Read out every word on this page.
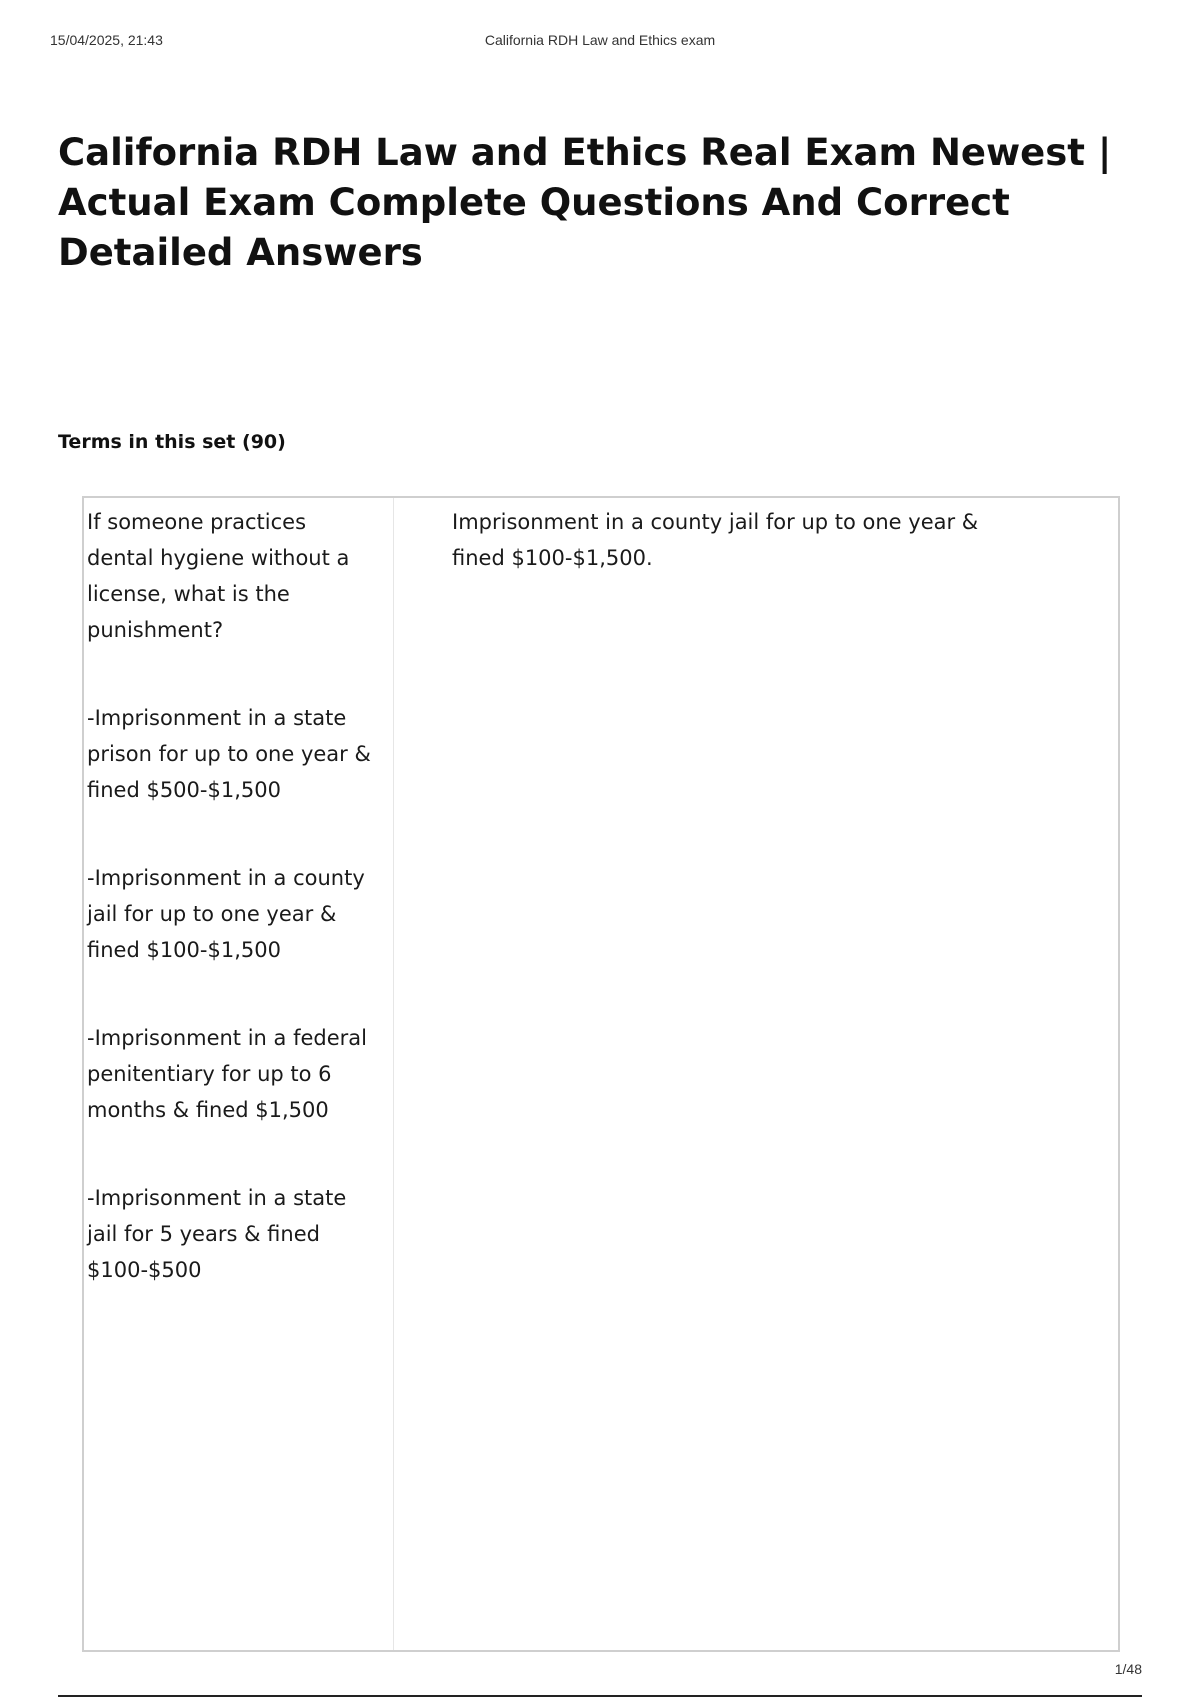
15/04/2025, 21:43	California RDH Law and Ethics exam
California RDH Law and Ethics Real Exam Newest | Actual Exam Complete Questions And Correct Detailed Answers
Terms in this set (90)

If someone practices dental hygiene without a license, what is the punishment?

-Imprisonment in a state prison for up to one year & fined $500-$1,500

-Imprisonment in a county jail for up to one year & fined $100-$1,500

-Imprisonment in a federal penitentiary for up to 6 months & fined $1,500

-Imprisonment in a state jail for 5 years & fined $100-$500

Imprisonment in a county jail for up to one year & fined $100-$1,500.

1/48
